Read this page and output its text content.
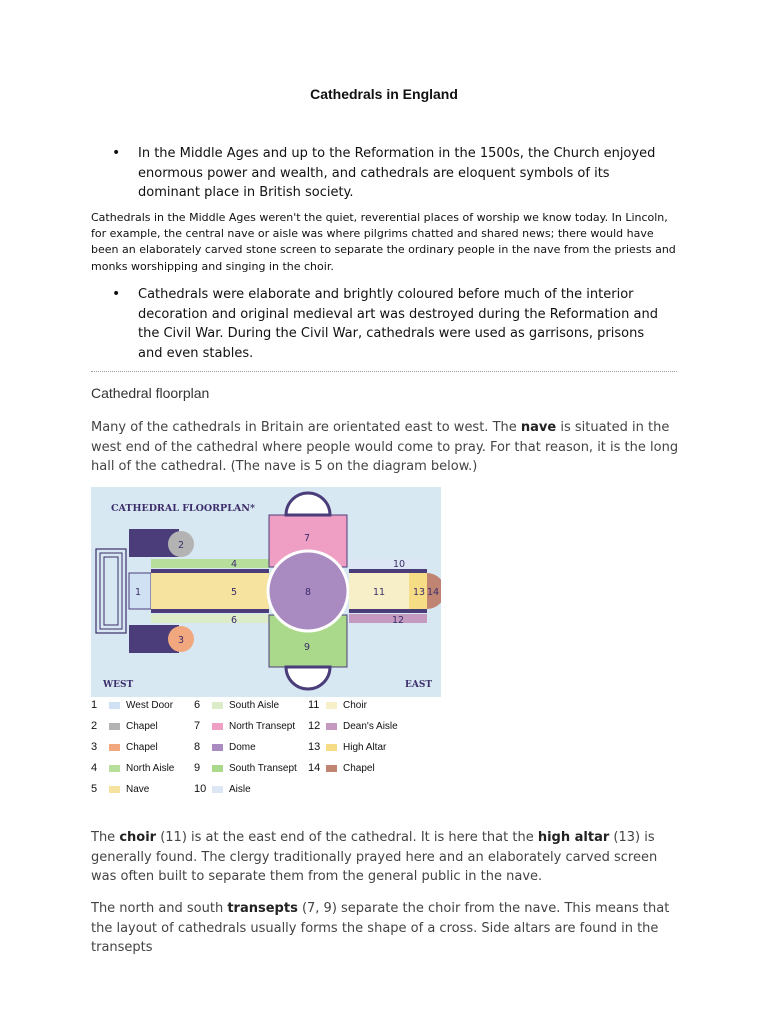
Cathedrals in England
• In the Middle Ages and up to the Reformation in the 1500s, the Church enjoyed enormous power and wealth, and cathedrals are eloquent symbols of its dominant place in British society.
Cathedrals in the Middle Ages weren't the quiet, reverential places of worship we know today. In Lincoln, for example, the central nave or aisle was where pilgrims chatted and shared news; there would have been an elaborately carved stone screen to separate the ordinary people in the nave from the priests and monks worshipping and singing in the choir.
• Cathedrals were elaborate and brightly coloured before much of the interior decoration and original medieval art was destroyed during the Reformation and the Civil War. During the Civil War, cathedrals were used as garrisons, prisons and even stables.
Cathedral floorplan
Many of the cathedrals in Britain are orientated east to west. The nave is situated in the west end of the cathedral where people would come to pray. For that reason, it is the long hall of the cathedral. (The nave is 5 on the diagram below.)
CATHEDRAL FLOORPLAN*
1
2
3
4
5
6
7
8
9
10
11
12
13 14
WEST	EAST
1	West Door
2	Chapel
3	Chapel
4	North Aisle
5	Nave
6	South Aisle
7	North Transept
8	Dome
9	South Transept
10 Aisle
11 Choir
12 Dean's Aisle
13 High Altar
14 Chapel
The choir (11) is at the east end of the cathedral. It is here that the high altar (13) is generally found. The clergy traditionally prayed here and an elaborately carved screen was often built to separate them from the general public in the nave.
The north and south transepts (7, 9) separate the choir from the nave. This means that the layout of cathedrals usually forms the shape of a cross. Side altars are found in the transepts
